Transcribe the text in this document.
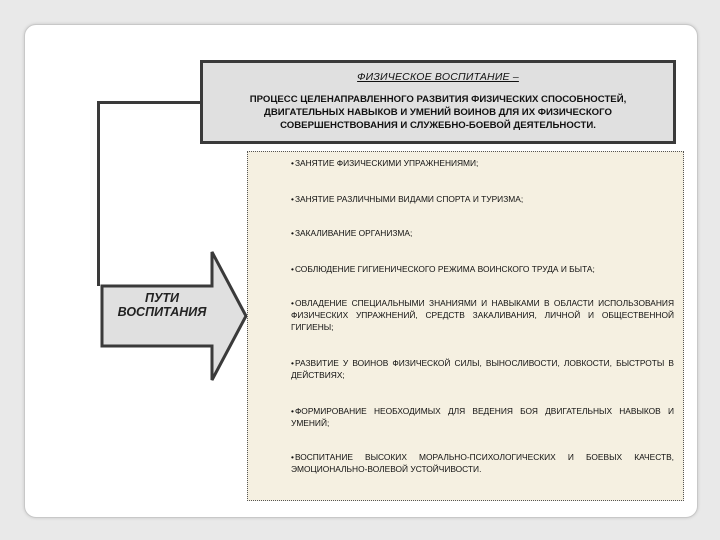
ФИЗИЧЕСКОЕ ВОСПИТАНИЕ –
ПРОЦЕСС ЦЕЛЕНАПРАВЛЕННОГО РАЗВИТИЯ ФИЗИЧЕСКИХ СПОСОБНОСТЕЙ, ДВИГАТЕЛЬНЫХ НАВЫКОВ И УМЕНИЙ ВОИНОВ ДЛЯ ИХ ФИЗИЧЕСКОГО СОВЕРШЕНСТВОВАНИЯ И СЛУЖЕБНО-БОЕВОЙ ДЕЯТЕЛЬНОСТИ.
ПУТИ
ВОСПИТАНИЯ
•ЗАНЯТИЕ ФИЗИЧЕСКИМИ УПРАЖНЕНИЯМИ;
•ЗАНЯТИЕ РАЗЛИЧНЫМИ ВИДАМИ СПОРТА И ТУРИЗМА;
•ЗАКАЛИВАНИЕ ОРГАНИЗМА;
•СОБЛЮДЕНИЕ ГИГИЕНИЧЕСКОГО РЕЖИМА ВОИНСКОГО ТРУДА И БЫТА;
•ОВЛАДЕНИЕ СПЕЦИАЛЬНЫМИ ЗНАНИЯМИ И НАВЫКАМИ В ОБЛАСТИ ИСПОЛЬЗОВАНИЯ ФИЗИЧЕСКИХ УПРАЖНЕНИЙ, СРЕДСТВ ЗАКАЛИВАНИЯ, ЛИЧНОЙ И ОБЩЕСТВЕННОЙ ГИГИЕНЫ;
•РАЗВИТИЕ У ВОИНОВ ФИЗИЧЕСКОЙ СИЛЫ, ВЫНОСЛИВОСТИ, ЛОВКОСТИ, БЫСТРОТЫ В ДЕЙСТВИЯХ;
•ФОРМИРОВАНИЕ НЕОБХОДИМЫХ ДЛЯ ВЕДЕНИЯ БОЯ ДВИГАТЕЛЬНЫХ НАВЫКОВ И УМЕНИЙ;
•ВОСПИТАНИЕ ВЫСОКИХ МОРАЛЬНО-ПСИХОЛОГИЧЕСКИХ И БОЕВЫХ КАЧЕСТВ, ЭМОЦИОНАЛЬНО-ВОЛЕВОЙ УСТОЙЧИВОСТИ.
